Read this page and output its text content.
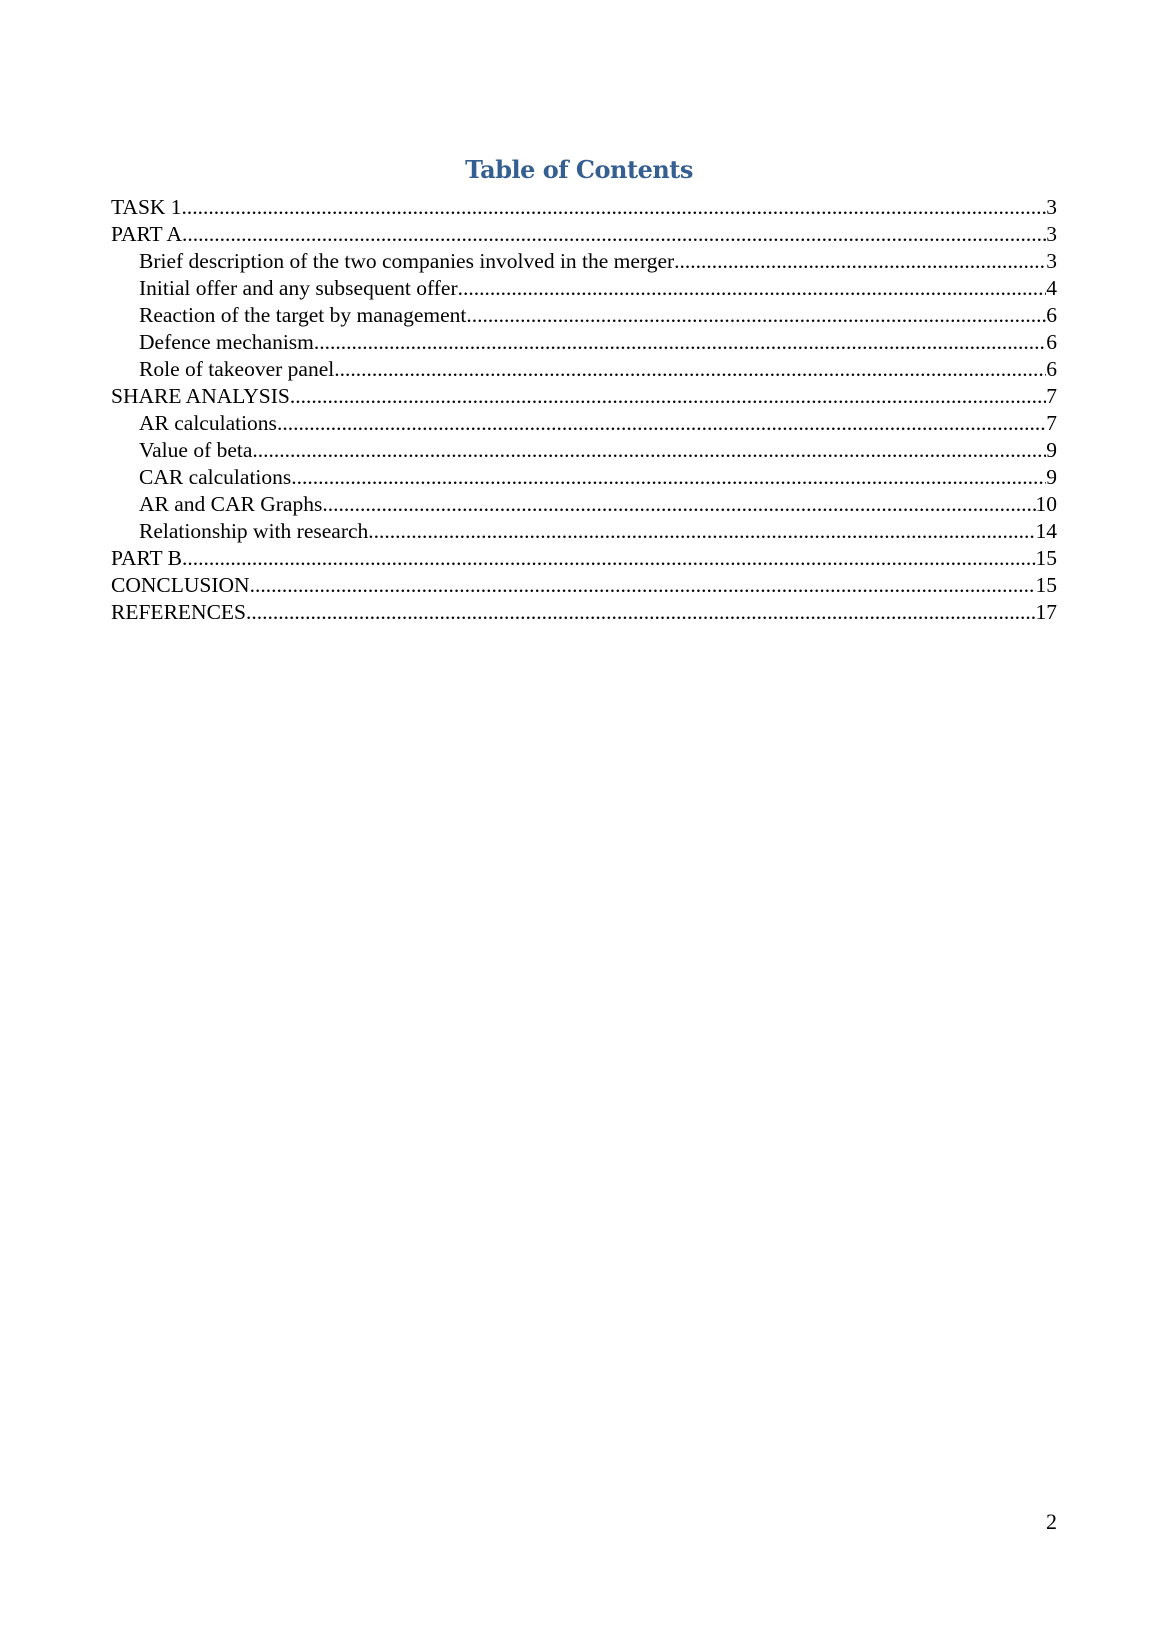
Table of Contents
TASK 1 .....	3
PART A .....	3
Brief description of the two companies involved in the merger .....	3
Initial offer and any subsequent offer .....	4
Reaction of the target by management .....	6
Defence mechanism .....	6
Role of takeover panel .....	6
SHARE ANALYSIS .....	7
AR calculations .....	7
Value of beta .....	9
CAR calculations .....	9
AR and CAR Graphs .....	10
Relationship with research .....	14
PART B .....	15
CONCLUSION .....	15
REFERENCES .....	17
2
